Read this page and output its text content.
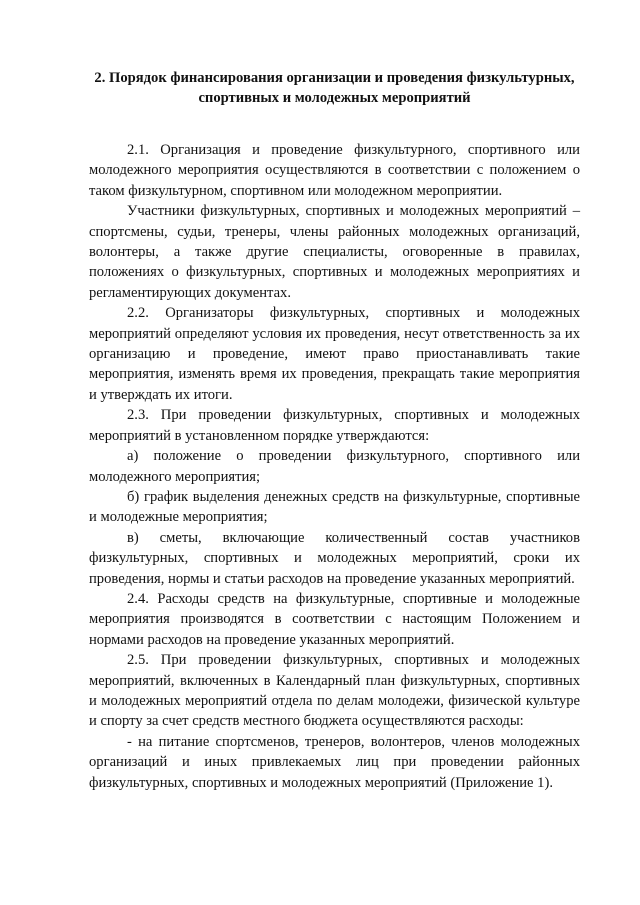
2. Порядок финансирования организации и проведения физкультурных,
спортивных и молодежных мероприятий

2.1. Организация и проведение физкультурного, спортивного или молодежного мероприятия осуществляются в соответствии с положением о таком физкультурном, спортивном или молодежном мероприятии.

Участники физкультурных, спортивных и молодежных мероприятий – спортсмены, судьи, тренеры, члены районных молодежных организаций, волонтеры, а также другие специалисты, оговоренные в правилах, положениях о физкультурных, спортивных и молодежных мероприятиях и регламентирующих документах.

2.2. Организаторы физкультурных, спортивных и молодежных мероприятий определяют условия их проведения, несут ответственность за их организацию и проведение, имеют право приостанавливать такие мероприятия, изменять время их проведения, прекращать такие мероприятия и утверждать их итоги.

2.3. При проведении физкультурных, спортивных и молодежных мероприятий в установленном порядке утверждаются:

а) положение о проведении физкультурного, спортивного или молодежного мероприятия;

б) график выделения денежных средств на физкультурные, спортивные и молодежные мероприятия;

в) сметы, включающие количественный состав участников физкультурных, спортивных и молодежных мероприятий, сроки их проведения, нормы и статьи расходов на проведение указанных мероприятий.

2.4. Расходы средств на физкультурные, спортивные и молодежные мероприятия производятся в соответствии с настоящим Положением и нормами расходов на проведение указанных мероприятий.

2.5. При проведении физкультурных, спортивных и молодежных мероприятий, включенных в Календарный план физкультурных, спортивных и молодежных мероприятий отдела по делам молодежи, физической культуре и спорту за счет средств местного бюджета осуществляются расходы:

- на питание спортсменов, тренеров, волонтеров, членов молодежных организаций и иных привлекаемых лиц при проведении районных физкультурных, спортивных и молодежных мероприятий (Приложение 1).
